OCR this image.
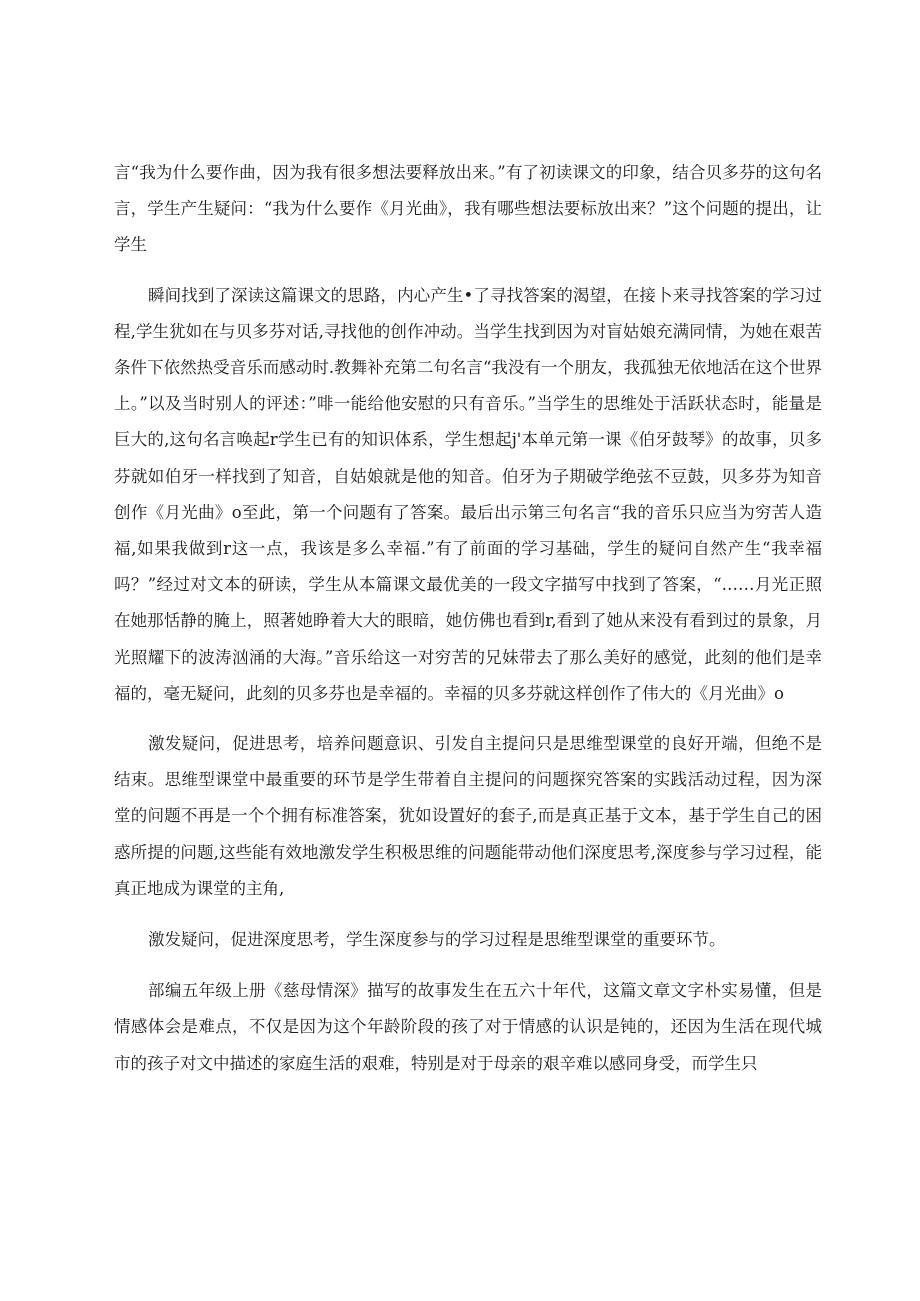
言“我为什么要作曲，因为我有很多想法要释放出来。”有了初读课文的印象，结合贝多芬的这句名言，学生产生疑问：“我为什么要作《月光曲》，我有哪些想法要标放出来？”这个问题的提出，让学生

瞬间找到了深读这篇课文的思路，内心产生•了寻找答案的渴望，在接卜来寻找答案的学习过程,学生犹如在与贝多芬对话,寻找他的创作冲动。当学生找到因为对盲姑娘充满同情，为她在艰苦条件下依然热受音乐而感动时.教舞补充第二句名言“我没有一个朋友，我孤独无依地活在这个世界上。”以及当时别人的评述：”啡一能给他安慰的只有音乐。”当学生的思维处于活跃状态时，能量是巨大的,这句名言唤起r学生已有的知识体系，学生想起j'本单元第一课《伯牙鼓琴》的故事，贝多芬就如伯牙一样找到了知音，自姑娘就是他的知音。伯牙为子期破学绝弦不豆鼓，贝多芬为知音创作《月光曲》o至此，第一个问题有了答案。最后出示第三句名言“我的音乐只应当为穷苦人造福,如果我做到r这一点，我该是多么幸福.”有了前面的学习基础，学生的疑问自然产生“我幸福吗？”经过对文本的研读，学生从本篇课文最优美的一段文字描写中找到了答案，“……月光正照在她那恬静的腌上，照著她睁着大大的眼暗，她仿佛也看到r,看到了她从来没有看到过的景象，月光照耀下的波涛汹涌的大海。”音乐给这一对穷苦的兄妹带去了那么美好的感觉，此刻的他们是幸福的，毫无疑问，此刻的贝多芬也是幸福的。幸福的贝多芬就这样创作了伟大的《月光曲》o

激发疑问，促进思考，培养问题意识、引发自主提问只是思维型课堂的良好开端，但绝不是结束。思维型课堂中最重要的环节是学生带着自主提问的问题探究答案的实践活动过程，因为深堂的问题不再是一个个拥有标准答案，犹如设置好的套子,而是真正基于文本，基于学生自己的困惑所提的问题,这些能有效地激发学生积极思维的问题能带动他们深度思考,深度参与学习过程，能真正地成为课堂的主角,

激发疑问，促进深度思考，学生深度参与的学习过程是思维型课堂的重要环节。

部编五年级上册《慈母情深》描写的故事发生在五六十年代，这篇文章文字朴实易懂，但是情感体会是难点，不仅是因为这个年龄阶段的孩了对于情感的认识是钝的，还因为生活在现代城市的孩子对文中描述的家庭生活的艰难，特别是对于母亲的艰辛难以感同身受，而学生只
